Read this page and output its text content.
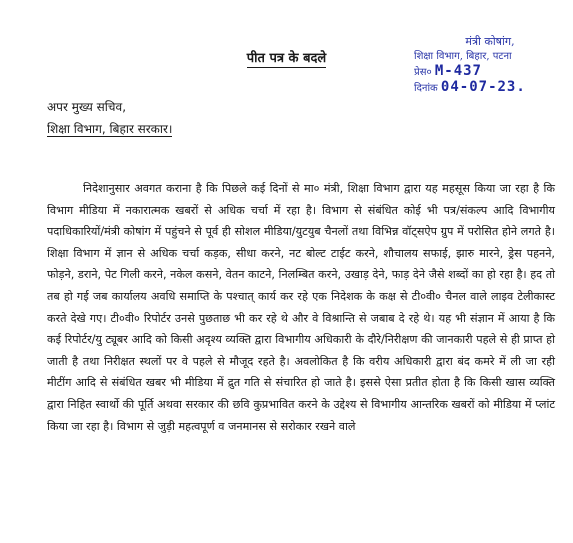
पीत पत्र के बदले
मंत्री कोषांग,
शिक्षा विभाग, बिहार, पटना
प्रेस० M-437
दिनांक 04-07-23.
अपर मुख्य सचिव,
शिक्षा विभाग, बिहार सरकार।

निदेशानुसार अवगत कराना है कि पिछले कई दिनों से मा० मंत्री, शिक्षा विभाग द्वारा यह महसूस किया जा रहा है कि विभाग मीडिया में नकारात्मक खबरों से अधिक चर्चा में रहा है। विभाग से संबंधित कोई भी पत्र/संकल्प आदि विभागीय पदाधिकारियों/मंत्री कोषांग में पहुंचने से पूर्व ही सोशल मीडिया/युटयुब चैनलों तथा विभिन्न वॉट्सऐप ग्रुप में परोसित होने लगते है। शिक्षा विभाग में ज्ञान से अधिक चर्चा कड़क, सीधा करने, नट बोल्ट टाईट करने, शौचालय सफाई, झारु मारने, ड्रेस पहनने, फोड़ने, डराने, पेट गिली करने, नकेल कसने, वेतन काटने, निलम्बित करने, उखाड़ देने, फाड़ देने जैसे शब्दों का हो रहा है। हद तो तब हो गई जब कार्यालय अवधि समाप्ति के पश्चात् कार्य कर रहे एक निदेशक के कक्ष से टी०वी० चैनल वाले लाइव टेलीकास्ट करते देखे गए। टी०वी० रिपोर्टर उनसे पुछताछ भी कर रहे थे और वे विश्रान्ति से जबाब दे रहे थे। यह भी संज्ञान में आया है कि कई रिपोर्टर/यु ट्यूबर आदि को किसी अदृश्य व्यक्ति द्वारा विभागीय अधिकारी के दौरे/निरीक्षण की जानकारी पहले से ही प्राप्त हो जाती है तथा निरीक्षत स्थलों पर वे पहले से मौजूद रहते है। अवलोकित है कि वरीय अधिकारी द्वारा बंद कमरे में ली जा रही मीटींग आदि से संबंधित खबर भी मीडिया में द्रुत गति से संचारित हो जाते है। इससे ऐसा प्रतीत होता है कि किसी खास व्यक्ति द्वारा निहित स्वार्थो की पूर्ति अथवा सरकार की छवि कुप्रभावित करने के उद्देश्य से विभागीय आन्तरिक खबरों को मीडिया में प्लांट किया जा रहा है। विभाग से जुड़ी महत्वपूर्ण व जनमानस से सरोकार रखने वाले
